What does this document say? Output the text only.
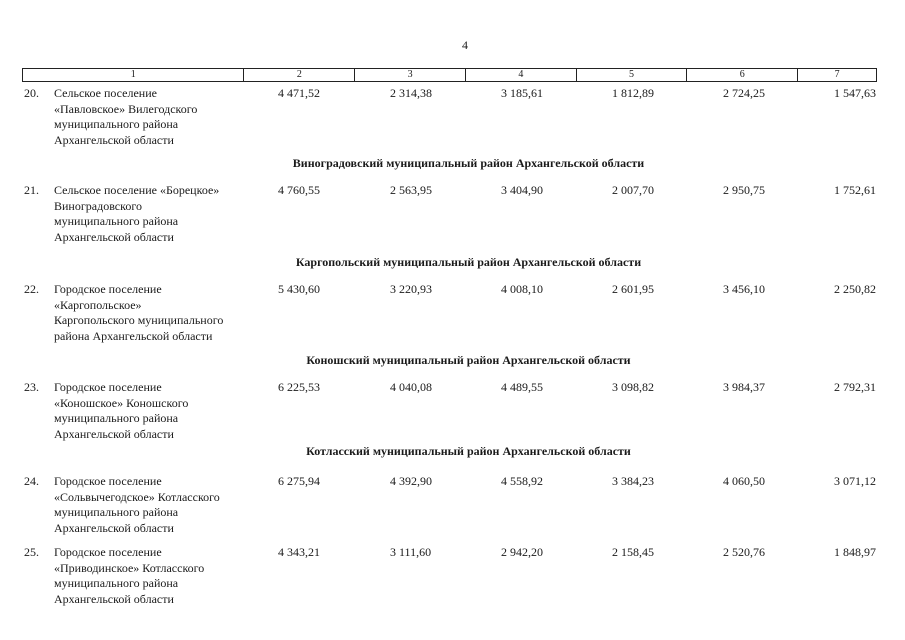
4
1	2	3	4	5	6	7
20. Сельское поселение
«Павловское» Вилегодского
муниципального района
Архангельской области
4 471,52	2 314,38	3 185,61	1 812,89	2 724,25	1 547,63
Виноградовский муниципальный район Архангельской области
21. Сельское поселение «Борецкое»
Виноградовского
муниципального района
Архангельской области
4 760,55	2 563,95	3 404,90	2 007,70	2 950,75	1 752,61
Каргопольский муниципальный район Архангельской области
22. Городское поселение
«Каргопольское»
Каргопольского муниципального
района Архангельской области
5 430,60	3 220,93	4 008,10	2 601,95	3 456,10	2 250,82
Коношский муниципальный район Архангельской области
23. Городское поселение
«Коношское» Коношского
муниципального района
Архангельской области
6 225,53	4 040,08	4 489,55	3 098,82	3 984,37	2 792,31
Котласский муниципальный район Архангельской области
24. Городское поселение
«Сольвычегодское» Котласского
муниципального района
Архангельской области
6 275,94	4 392,90	4 558,92	3 384,23	4 060,50	3 071,12
25. Городское поселение
«Приводинское» Котласского
муниципального района
Архангельской области
4 343,21	3 111,60	2 942,20	2 158,45	2 520,76	1 848,97
